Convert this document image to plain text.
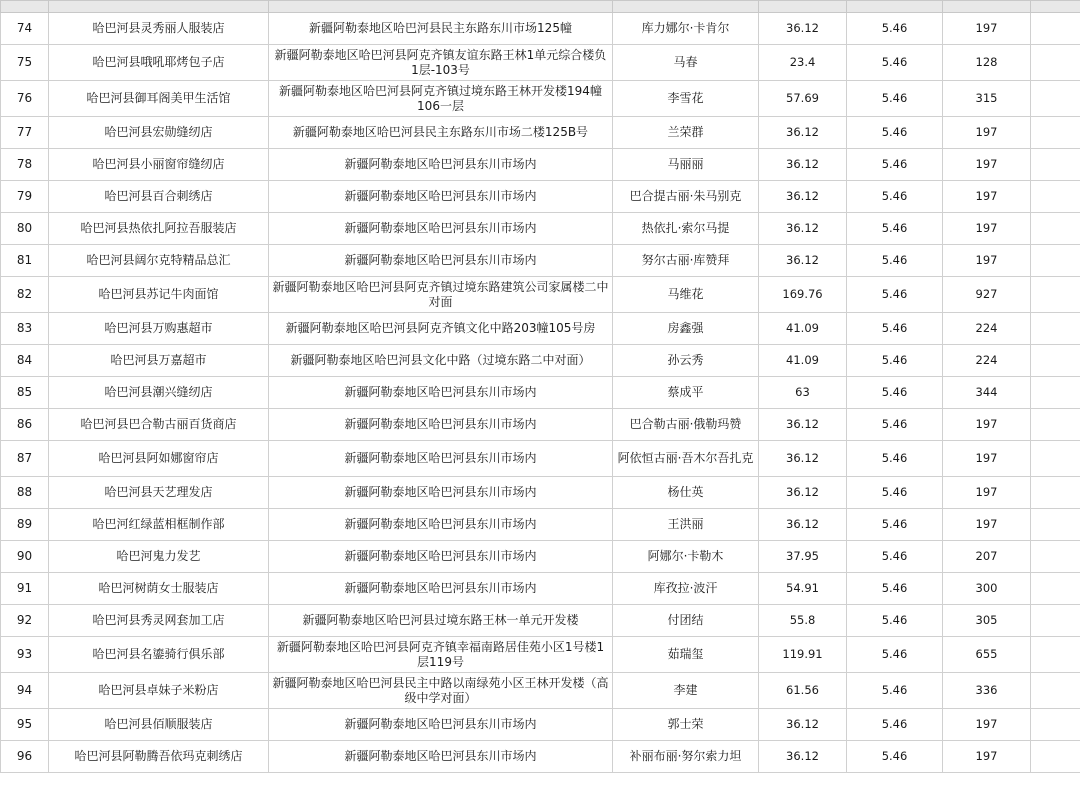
74	哈巴河县灵秀丽人服装店	新疆阿勒泰地区哈巴河县民主东路东川市场125幢	库力娜尔·卡肯尔	36.12	5.46	197	
75	哈巴河县哦吼耶烤包子店	新疆阿勒泰地区哈巴河县阿克齐镇友谊东路王林1单元综合楼负1层-103号	马春	23.4	5.46	128	
76	哈巴河县御耳阁美甲生活馆	新疆阿勒泰地区哈巴河县阿克齐镇过境东路王林开发楼194幢106一层	李雪花	57.69	5.46	315	
77	哈巴河县宏勋缝纫店	新疆阿勒泰地区哈巴河县民主东路东川市场二楼125B号	兰荣群	36.12	5.46	197	
78	哈巴河县小丽窗帘缝纫店	新疆阿勒泰地区哈巴河县东川市场内	马丽丽	36.12	5.46	197	
79	哈巴河县百合刺绣店	新疆阿勒泰地区哈巴河县东川市场内	巴合提古丽·朱马别克	36.12	5.46	197	
80	哈巴河县热依扎阿拉吾服装店	新疆阿勒泰地区哈巴河县东川市场内	热依扎·索尔马提	36.12	5.46	197	
81	哈巴河县阔尔克特精品总汇	新疆阿勒泰地区哈巴河县东川市场内	努尔古丽·库赞拜	36.12	5.46	197	
82	哈巴河县苏记牛肉面馆	新疆阿勒泰地区哈巴河县阿克齐镇过境东路建筑公司家属楼二中对面	马维花	169.76	5.46	927	
83	哈巴河县万购惠超市	新疆阿勒泰地区哈巴河县阿克齐镇文化中路203幢105号房	房鑫强	41.09	5.46	224	
84	哈巴河县万嘉超市	新疆阿勒泰地区哈巴河县文化中路（过境东路二中对面）	孙云秀	41.09	5.46	224	
85	哈巴河县潮兴缝纫店	新疆阿勒泰地区哈巴河县东川市场内	蔡成平	63	5.46	344	
86	哈巴河县巴合勒古丽百货商店	新疆阿勒泰地区哈巴河县东川市场内	巴合勒古丽·俄勒玛赞	36.12	5.46	197	
87	哈巴河县阿如娜窗帘店	新疆阿勒泰地区哈巴河县东川市场内	阿依恒古丽·吾木尔吾扎克	36.12	5.46	197	
88	哈巴河县天艺理发店	新疆阿勒泰地区哈巴河县东川市场内	杨仕英	36.12	5.46	197	
89	哈巴河红绿蓝相框制作部	新疆阿勒泰地区哈巴河县东川市场内	王洪丽	36.12	5.46	197	
90	哈巴河鬼力发艺	新疆阿勒泰地区哈巴河县东川市场内	阿娜尔·卡勒木	37.95	5.46	207	
91	哈巴河树荫女士服装店	新疆阿勒泰地区哈巴河县东川市场内	库孜拉·波汗	54.91	5.46	300	
92	哈巴河县秀灵网套加工店	新疆阿勒泰地区哈巴河县过境东路王林一单元开发楼	付团结	55.8	5.46	305	
93	哈巴河县名鎏骑行俱乐部	新疆阿勒泰地区哈巴河县阿克齐镇幸福南路居佳苑小区1号楼1层119号	茹瑞玺	119.91	5.46	655	
94	哈巴河县卓妹子米粉店	新疆阿勒泰地区哈巴河县民主中路以南绿苑小区王林开发楼（高级中学对面）	李建	61.56	5.46	336	
95	哈巴河县佰顺服装店	新疆阿勒泰地区哈巴河县东川市场内	郭士荣	36.12	5.46	197	
96	哈巴河县阿勒腾吾依玛克刺绣店	新疆阿勒泰地区哈巴河县东川市场内	补丽布丽·努尔索力坦	36.12	5.46	197	
